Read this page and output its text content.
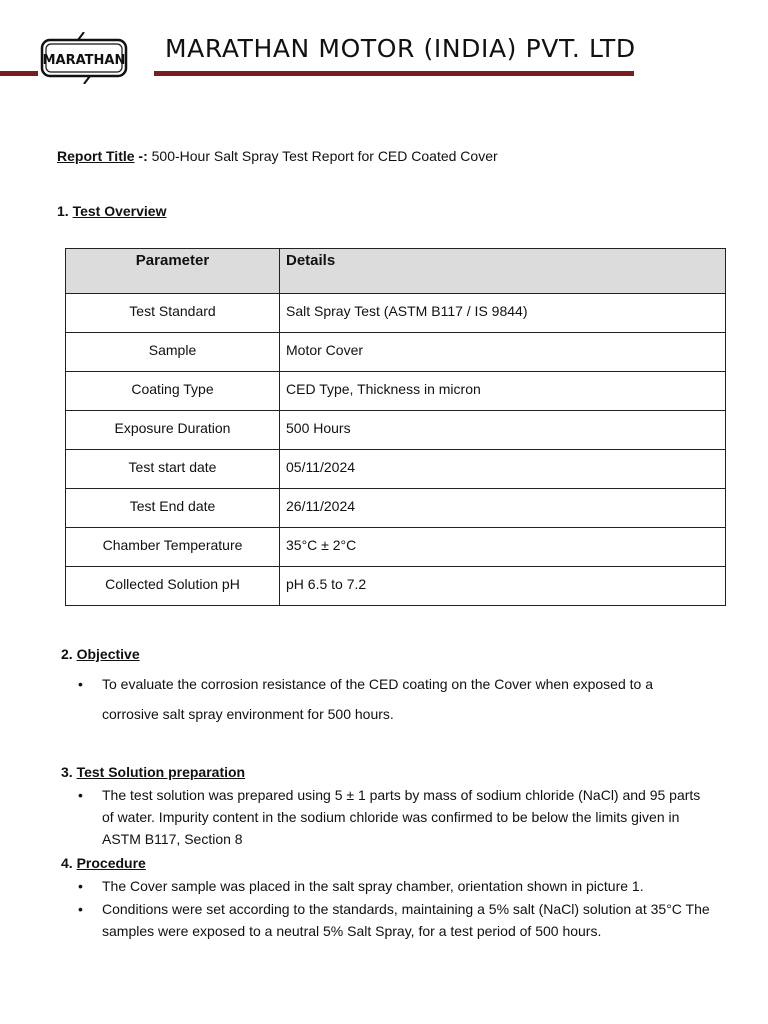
MARATHAN MARATHAN MOTOR (INDIA) PVT. LTD
Report Title -: 500-Hour Salt Spray Test Report for CED Coated Cover
1. Test Overview
Parameter	Details
Test Standard	Salt Spray Test (ASTM B117 / IS 9844)
Sample	Motor Cover
Coating Type	CED Type, Thickness in micron
Exposure Duration	500 Hours
Test start date	05/11/2024
Test End date	26/11/2024
Chamber Temperature	35°C ± 2°C
Collected Solution pH	pH 6.5 to 7.2
2. Objective
•	To evaluate the corrosion resistance of the CED coating on the Cover when exposed to a
corrosive salt spray environment for 500 hours.
3. Test Solution preparation
•	The test solution was prepared using 5 ± 1 parts by mass of sodium chloride (NaCl) and 95 parts
of water. Impurity content in the sodium chloride was confirmed to be below the limits given in
ASTM B117, Section 8
4. Procedure
•	The Cover sample was placed in the salt spray chamber, orientation shown in picture 1.
•	Conditions were set according to the standards, maintaining a 5% salt (NaCl) solution at 35°C The
samples were exposed to a neutral 5% Salt Spray, for a test period of 500 hours.
